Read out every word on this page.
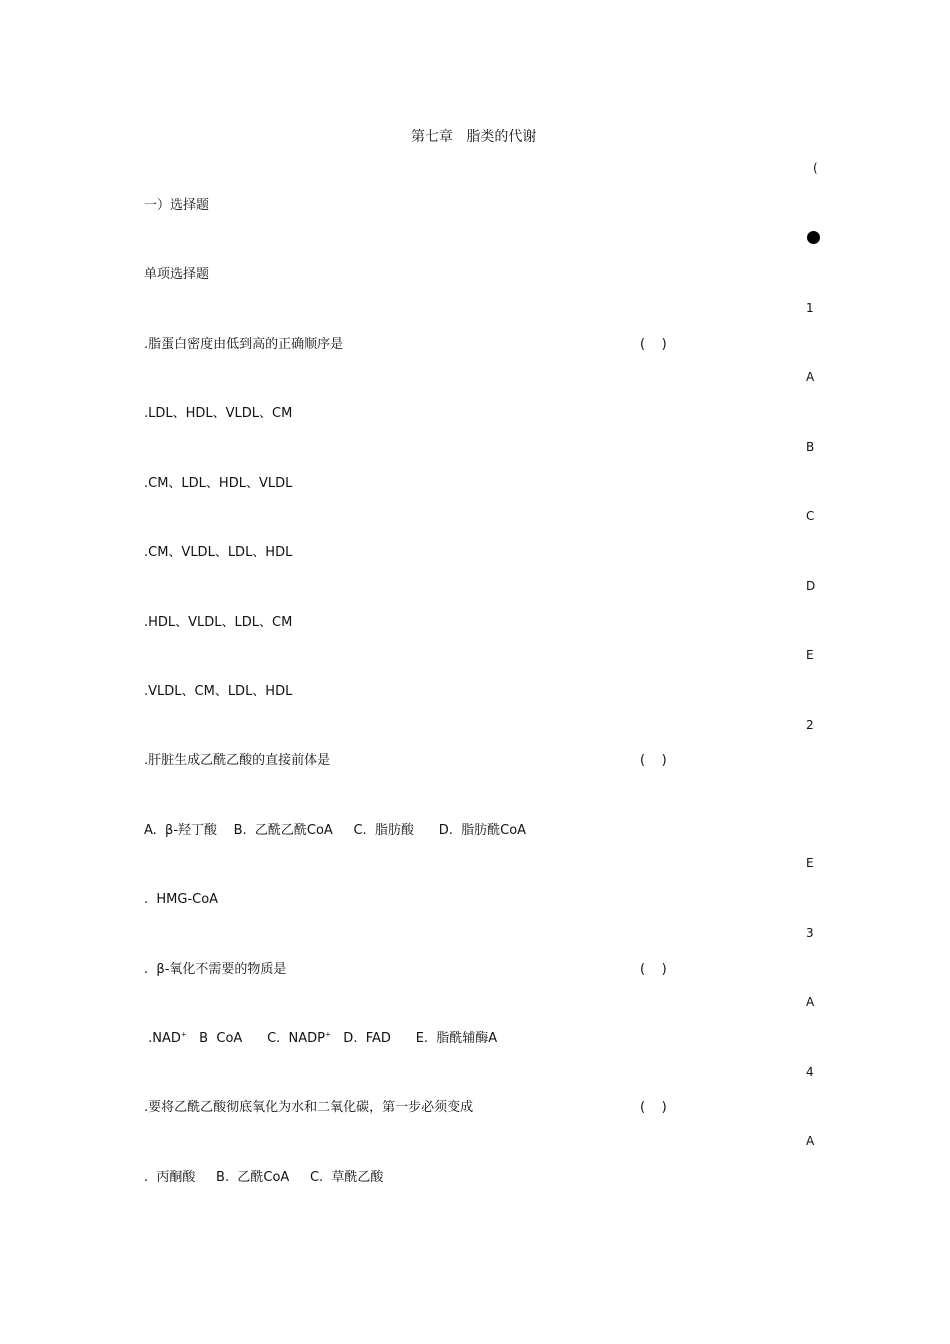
第七章   脂类的代谢
一）选择题
单项选择题
.脂蛋白密度由低到高的正确顺序是	(    )
.LDL、HDL、VLDL、CM
.CM、LDL、HDL、VLDL
.CM、VLDL、LDL、HDL
.HDL、VLDL、LDL、CM
.VLDL、CM、LDL、HDL
.肝脏生成乙酰乙酸的直接前体是	(    )
A.  β-羟丁酸    B.  乙酰乙酰CoA     C.  脂肪酸      D.  脂肪酰CoA
.  HMG-CoA
.  β-氧化不需要的物质是	(    )
.NAD+   B  CoA      C.  NADP+   D.  FAD      E.  脂酰辅酶A
.要将乙酰乙酸彻底氧化为水和二氧化碳，第一步必须变成	(    )
.  丙酮酸     B.  乙酰CoA     C.  草酰乙酸
(
1
A
B
C
D
E
2
E
3
A
4
A
